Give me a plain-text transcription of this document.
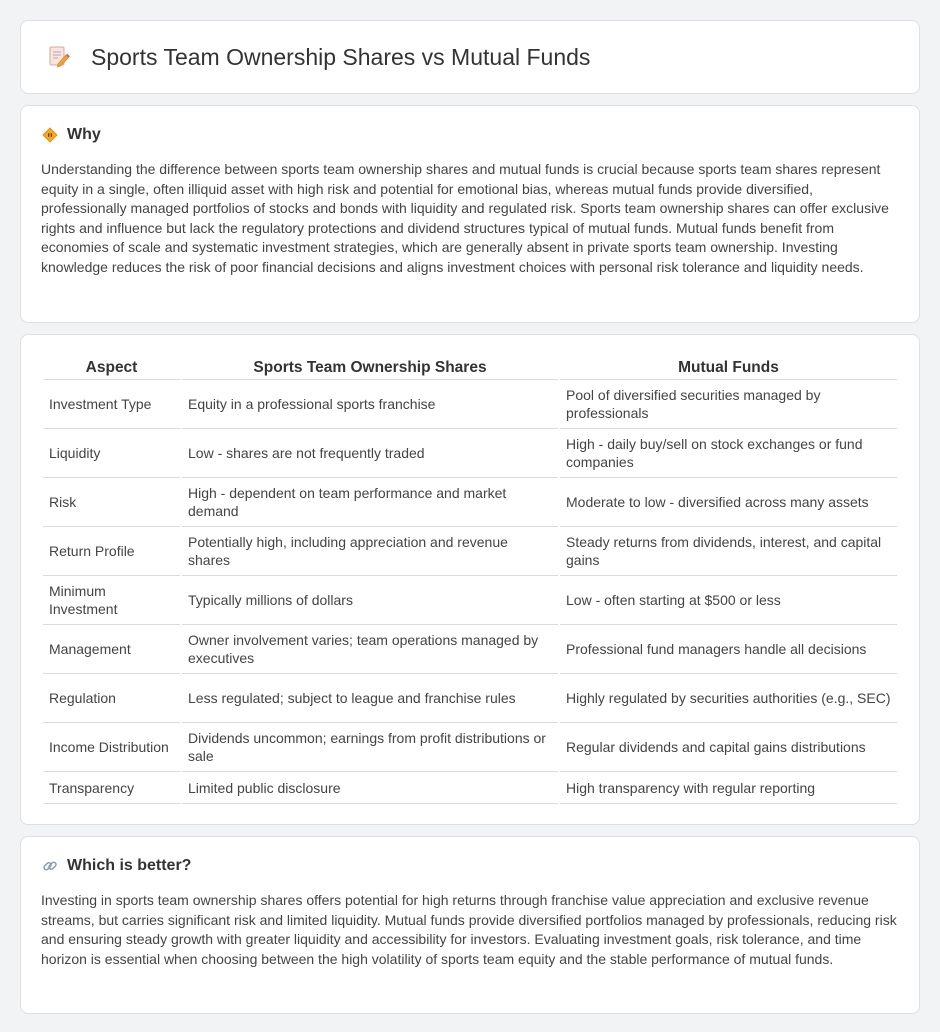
Sports Team Ownership Shares vs Mutual Funds
Why

Understanding the difference between sports team ownership shares and mutual funds is crucial because sports team shares represent equity in a single, often illiquid asset with high risk and potential for emotional bias, whereas mutual funds provide diversified, professionally managed portfolios of stocks and bonds with liquidity and regulated risk. Sports team ownership shares can offer exclusive rights and influence but lack the regulatory protections and dividend structures typical of mutual funds. Mutual funds benefit from economies of scale and systematic investment strategies, which are generally absent in private sports team ownership. Investing knowledge reduces the risk of poor financial decisions and aligns investment choices with personal risk tolerance and liquidity needs.

Aspect	Sports Team Ownership Shares	Mutual Funds
Investment Type	Equity in a professional sports franchise	Pool of diversified securities managed by professionals
Liquidity	Low - shares are not frequently traded	High - daily buy/sell on stock exchanges or fund companies
Risk	High - dependent on team performance and market demand	Moderate to low - diversified across many assets
Return Profile	Potentially high, including appreciation and revenue shares	Steady returns from dividends, interest, and capital gains
Minimum Investment	Typically millions of dollars	Low - often starting at $500 or less
Management	Owner involvement varies; team operations managed by executives	Professional fund managers handle all decisions
Regulation	Less regulated; subject to league and franchise rules	Highly regulated by securities authorities (e.g., SEC)
Income Distribution	Dividends uncommon; earnings from profit distributions or sale	Regular dividends and capital gains distributions
Transparency	Limited public disclosure	High transparency with regular reporting
Which is better?

Investing in sports team ownership shares offers potential for high returns through franchise value appreciation and exclusive revenue streams, but carries significant risk and limited liquidity. Mutual funds provide diversified portfolios managed by professionals, reducing risk and ensuring steady growth with greater liquidity and accessibility for investors. Evaluating investment goals, risk tolerance, and time horizon is essential when choosing between the high volatility of sports team equity and the stable performance of mutual funds.
